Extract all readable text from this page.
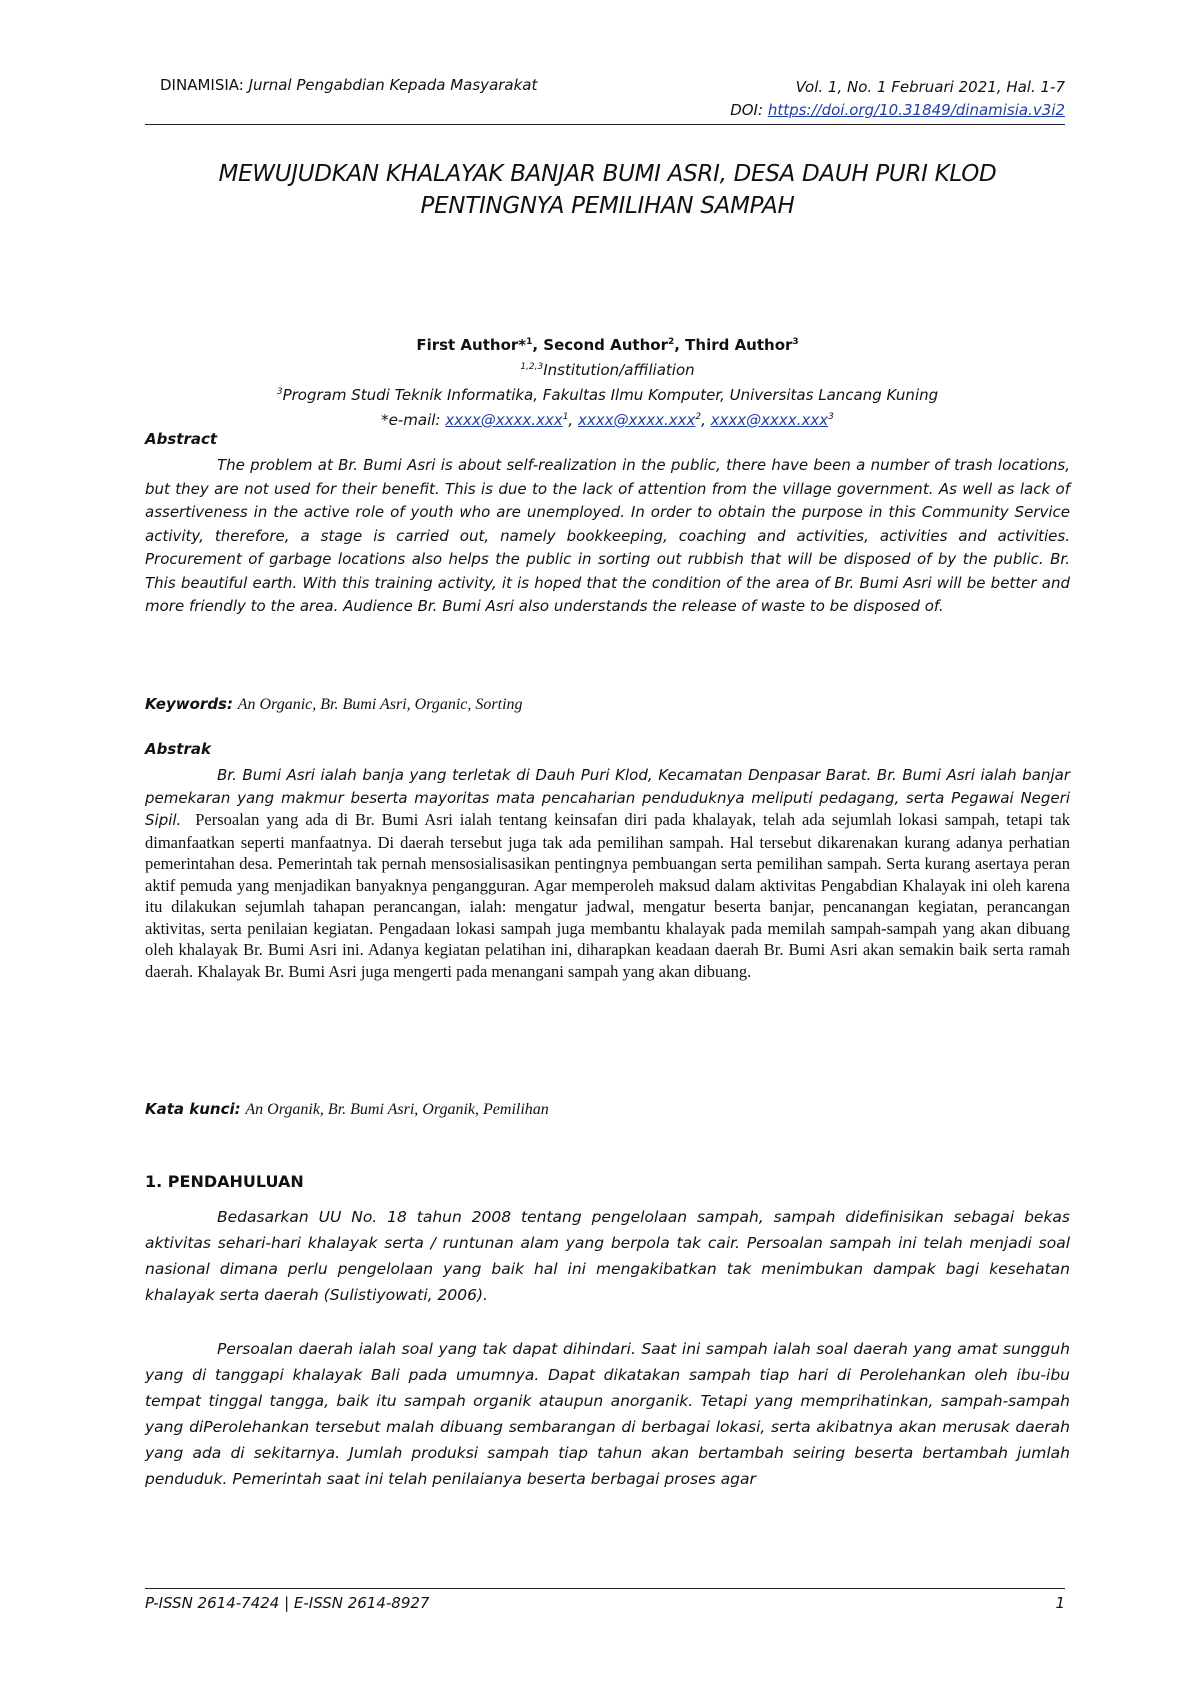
DINAMISIA: Jurnal Pengabdian Kepada Masyarakat	Vol. 1, No. 1 Februari 2021, Hal. 1-7
DOI: https://doi.org/10.31849/dinamisia.v3i2
MEWUJUDKAN KHALAYAK BANJAR BUMI ASRI, DESA DAUH PURI KLOD
PENTINGNYA PEMILIHAN SAMPAH
First Author*$^1$, Second Author$^2$, Third Author$^3$
$^{1,2,3}$Institution/affiliation
$^3$Program Studi Teknik Informatika, Fakultas Ilmu Komputer, Universitas Lancang Kuning
*e-mail: xxxx@xxxx.xxx$^1$, xxxx@xxxx.xxx$^2$, xxxx@xxxx.xxx$^3$
Abstract
The problem at Br. Bumi Asri is about self-realization in the public, there have been a number of trash locations, but they are not used for their benefit. This is due to the lack of attention from the village government. As well as lack of assertiveness in the active role of youth who are unemployed. In order to obtain the purpose in this Community Service activity, therefore, a stage is carried out, namely bookkeeping, coaching and activities, activities and activities. Procurement of garbage locations also helps the public in sorting out rubbish that will be disposed of by the public. Br. This beautiful earth. With this training activity, it is hoped that the condition of the area of Br. Bumi Asri will be better and more friendly to the area. Audience Br. Bumi Asri also understands the release of waste to be disposed of.
Keywords: An Organic, Br. Bumi Asri, Organic, Sorting
Abstrak
Br. Bumi Asri ialah banja yang terletak di Dauh Puri Klod, Kecamatan Denpasar Barat. Br. Bumi Asri ialah banjar pemekaran yang makmur beserta mayoritas mata pencaharian penduduknya meliputi pedagang, serta Pegawai Negeri Sipil. Persoalan yang ada di Br. Bumi Asri ialah tentang keinsafan diri pada khalayak, telah ada sejumlah lokasi sampah, tetapi tak dimanfaatkan seperti manfaatnya. Di daerah tersebut juga tak ada pemilihan sampah. Hal tersebut dikarenakan kurang adanya perhatian pemerintahan desa. Pemerintah tak pernah mensosialisasikan pentingnya pembuangan serta pemilihan sampah. Serta kurang asertaya peran aktif pemuda yang menjadikan banyaknya pengangguran. Agar memperoleh maksud dalam aktivitas Pengabdian Khalayak ini oleh karena itu dilakukan sejumlah tahapan perancangan, ialah: mengatur jadwal, mengatur beserta banjar, pencanangan kegiatan, perancangan aktivitas, serta penilaian kegiatan. Pengadaan lokasi sampah juga membantu khalayak pada memilah sampah-sampah yang akan dibuang oleh khalayak Br. Bumi Asri ini. Adanya kegiatan pelatihan ini, diharapkan keadaan daerah Br. Bumi Asri akan semakin baik serta ramah daerah. Khalayak Br. Bumi Asri juga mengerti pada menangani sampah yang akan dibuang.
Kata kunci: An Organik, Br. Bumi Asri, Organik, Pemilihan
1. PENDAHULUAN
Bedasarkan UU No. 18 tahun 2008 tentang pengelolaan sampah, sampah didefinisikan sebagai bekas aktivitas sehari-hari khalayak serta / runtunan alam yang berpola tak cair. Persoalan sampah ini telah menjadi soal nasional dimana perlu pengelolaan yang baik hal ini mengakibatkan tak menimbukan dampak bagi kesehatan khalayak serta daerah (Sulistiyowati, 2006).
Persoalan daerah ialah soal yang tak dapat dihindari. Saat ini sampah ialah soal daerah yang amat sungguh yang di tanggapi khalayak Bali pada umumnya. Dapat dikatakan sampah tiap hari di Perolehankan oleh ibu-ibu tempat tinggal tangga, baik itu sampah organik ataupun anorganik. Tetapi yang memprihatinkan, sampah-sampah yang diPerolehankan tersebut malah dibuang sembarangan di berbagai lokasi, serta akibatnya akan merusak daerah yang ada di sekitarnya. Jumlah produksi sampah tiap tahun akan bertambah seiring beserta bertambah jumlah penduduk. Pemerintah saat ini telah penilaianya beserta berbagai proses agar
P-ISSN 2614-7424 | E-ISSN 2614-8927	1
